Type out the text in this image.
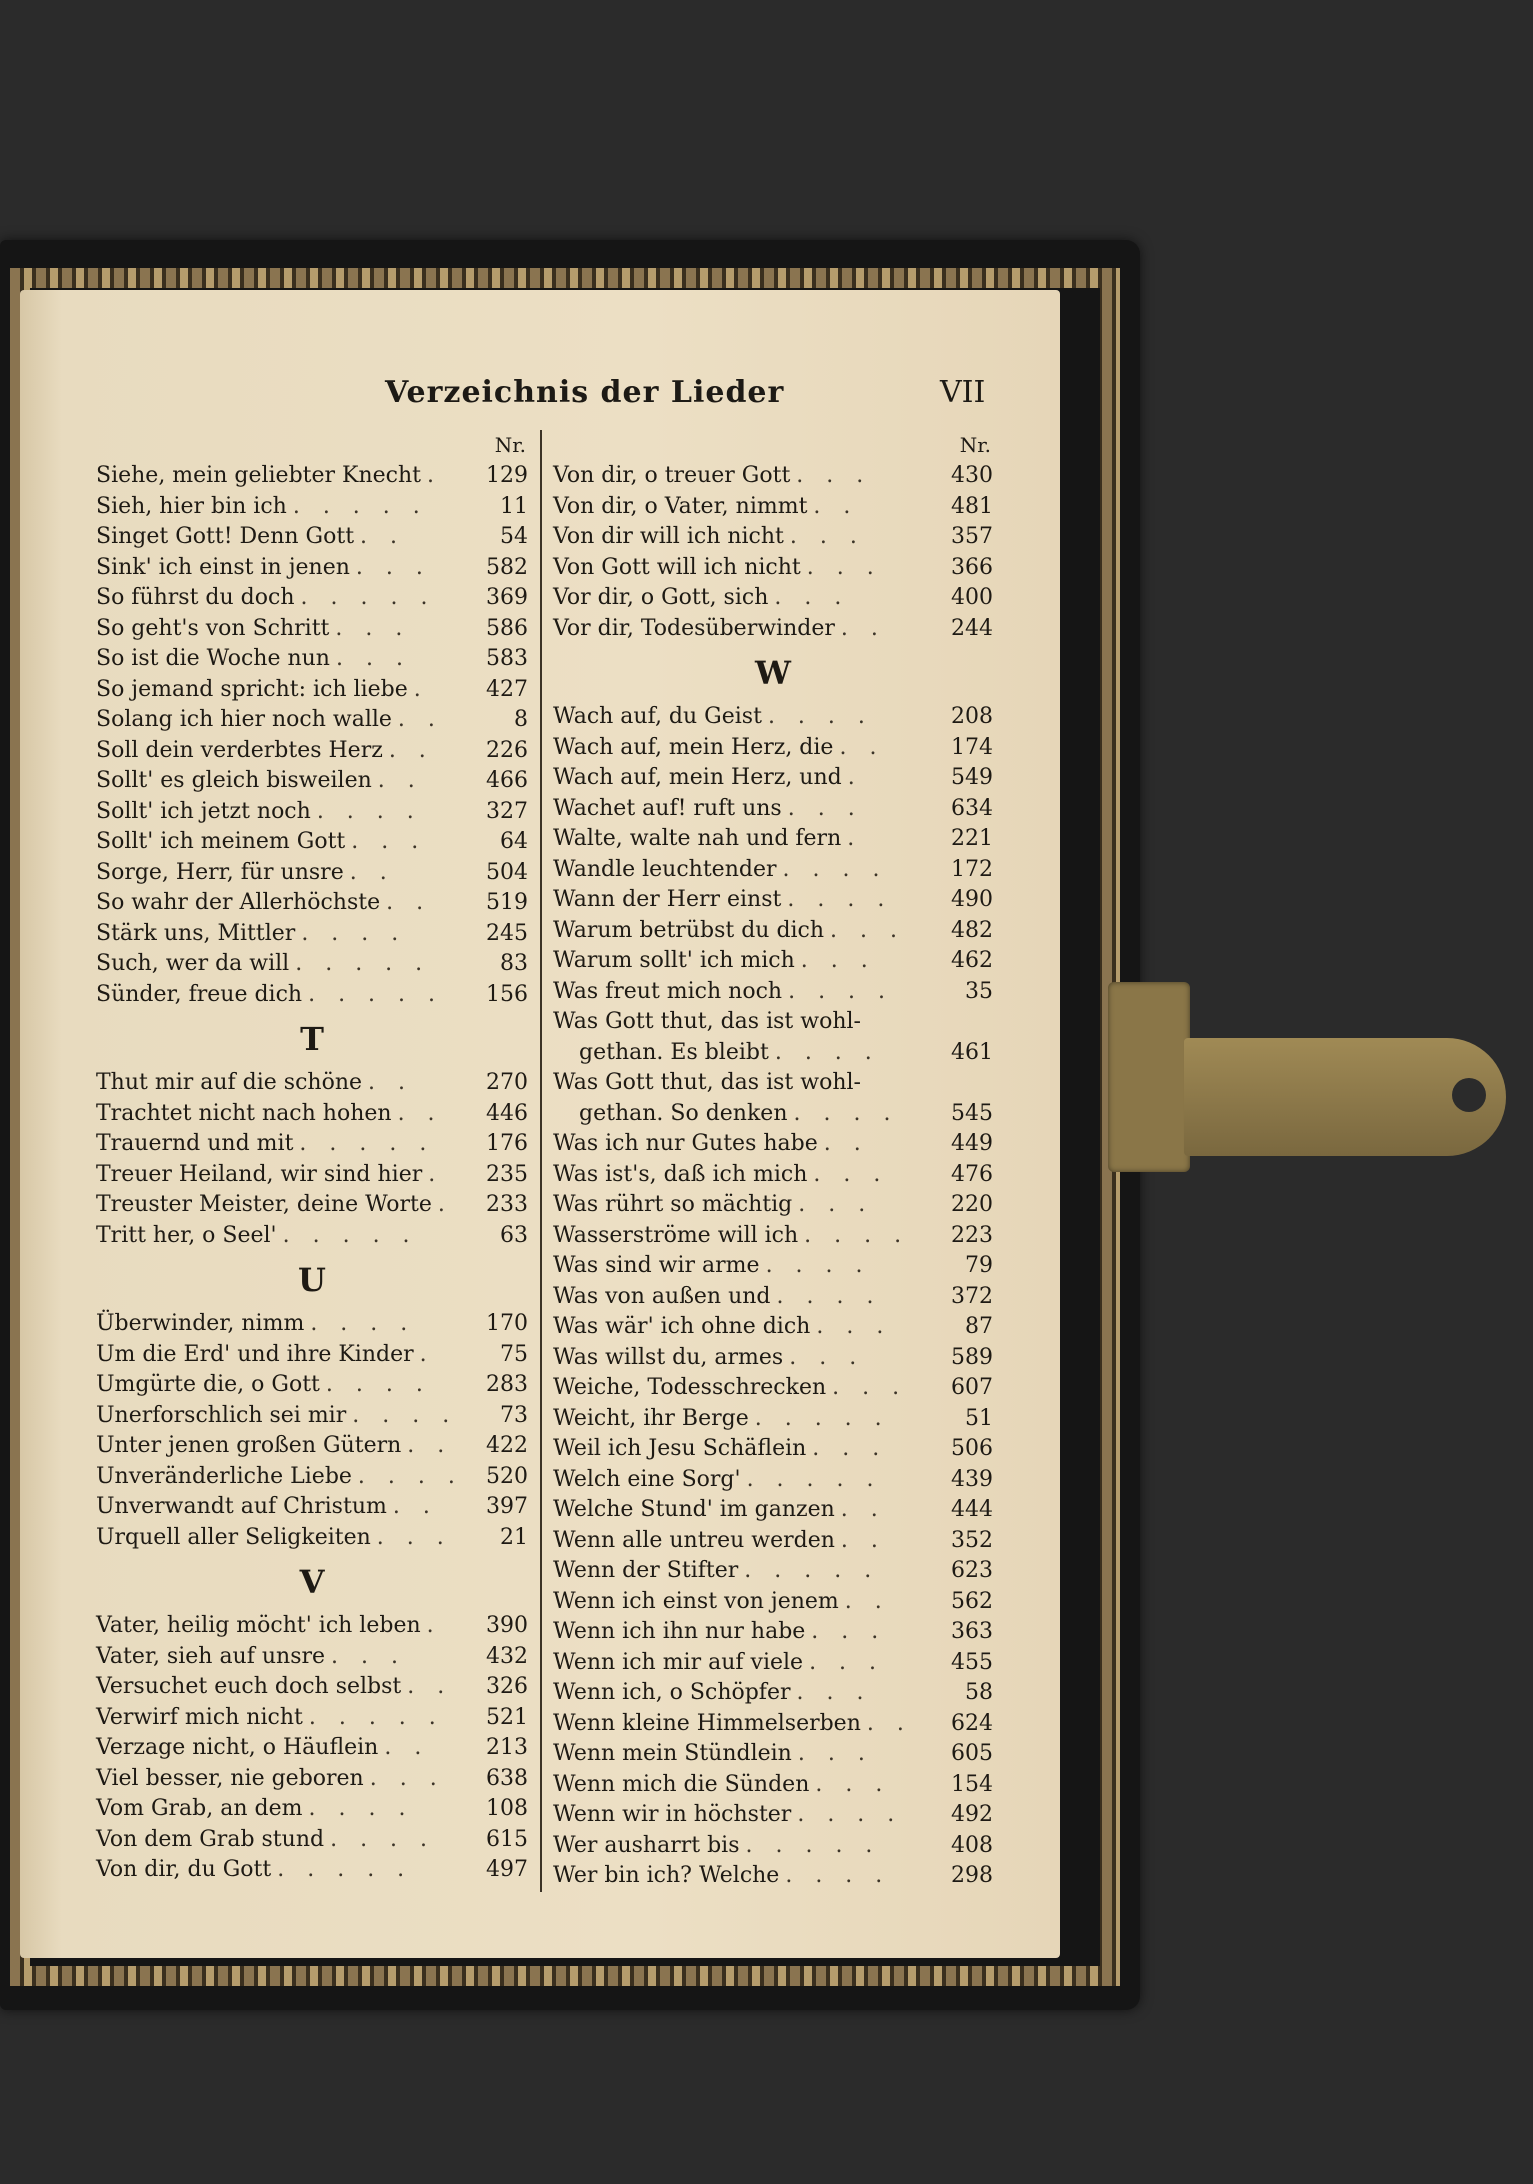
Verzeichnis der Lieder	VII
Nr.
Siehe, mein geliebter Knecht .	129
Sieh, hier bin ich . . . . .	11
Singet Gott! Denn Gott . .	54
Sink' ich einst in jenen . . .	582
So führst du doch . . . . .	369
So geht's von Schritt . . .	586
So ist die Woche nun . . .	583
So jemand spricht: ich liebe .	427
Solang ich hier noch walle . .	8
Soll dein verderbtes Herz . .	226
Sollt' es gleich bisweilen . .	466
Sollt' ich jetzt noch . . . .	327
Sollt' ich meinem Gott . . .	64
Sorge, Herr, für unsre . .	504
So wahr der Allerhöchste . .	519
Stärk uns, Mittler . . . .	245
Such, wer da will . . . . .	83
Sünder, freue dich . . . . .	156
T
Thut mir auf die schöne . .	270
Trachtet nicht nach hohen . .	446
Trauernd und mit . . . . .	176
Treuer Heiland, wir sind hier .	235
Treuster Meister, deine Worte .	233
Tritt her, o Seel' . . . . .	63
U
Überwinder, nimm . . . .	170
Um die Erd' und ihre Kinder .	75
Umgürte die, o Gott . . . .	283
Unerforschlich sei mir . . . .	73
Unter jenen großen Gütern . .	422
Unveränderliche Liebe . . . .	520
Unverwandt auf Christum . .	397
Urquell aller Seligkeiten . . .	21
V
Vater, heilig möcht' ich leben .	390
Vater, sieh auf unsre . . .	432
Versuchet euch doch selbst . .	326
Verwirf mich nicht . . . . .	521
Verzage nicht, o Häuflein . .	213
Viel besser, nie geboren . . .	638
Vom Grab, an dem . . . .	108
Von dem Grab stund . . . .	615
Von dir, du Gott . . . . .	497
Nr.
Von dir, o treuer Gott . . .	430
Von dir, o Vater, nimmt . .	481
Von dir will ich nicht . . .	357
Von Gott will ich nicht . . .	366
Vor dir, o Gott, sich . . .	400
Vor dir, Todesüberwinder . .	244
W
Wach auf, du Geist . . . .	208
Wach auf, mein Herz, die . .	174
Wach auf, mein Herz, und .	549
Wachet auf! ruft uns . . .	634
Walte, walte nah und fern .	221
Wandle leuchtender . . . .	172
Wann der Herr einst . . . .	490
Warum betrübst du dich . . .	482
Warum sollt' ich mich . . .	462
Was freut mich noch . . . .	35
Was Gott thut, das ist wohl-
gethan. Es bleibt . . . .	461
Was Gott thut, das ist wohl-
gethan. So denken . . . .	545
Was ich nur Gutes habe . .	449
Was ist's, daß ich mich . . .	476
Was rührt so mächtig . . .	220
Wasserströme will ich . . . .	223
Was sind wir arme . . . .	79
Was von außen und . . . .	372
Was wär' ich ohne dich . . .	87
Was willst du, armes . . .	589
Weiche, Todesschrecken . . .	607
Weicht, ihr Berge . . . . .	51
Weil ich Jesu Schäflein . . .	506
Welch eine Sorg' . . . . .	439
Welche Stund' im ganzen . .	444
Wenn alle untreu werden . .	352
Wenn der Stifter . . . . .	623
Wenn ich einst von jenem . .	562
Wenn ich ihn nur habe . . .	363
Wenn ich mir auf viele . . .	455
Wenn ich, o Schöpfer . . .	58
Wenn kleine Himmelserben . .	624
Wenn mein Stündlein . . .	605
Wenn mich die Sünden . . .	154
Wenn wir in höchster . . . .	492
Wer ausharrt bis . . . . .	408
Wer bin ich? Welche . . . .	298
